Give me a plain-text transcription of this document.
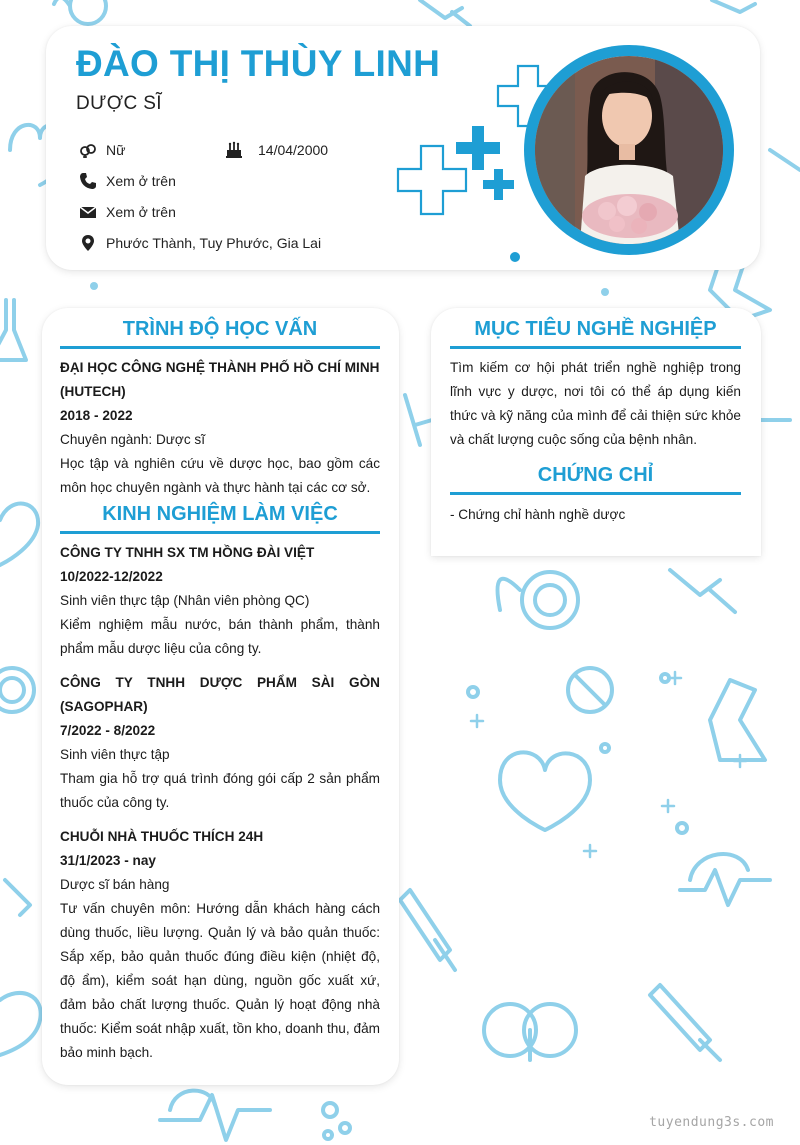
ĐÀO THỊ THÙY LINH
DƯỢC SĨ
Nữ	14/04/2000
Xem ở trên
Xem ở trên
Phước Thành, Tuy Phước, Gia Lai
TRÌNH ĐỘ HỌC VẤN
ĐẠI HỌC CÔNG NGHỆ THÀNH PHỐ HỒ CHÍ MINH (HUTECH)
2018 - 2022
Chuyên ngành: Dược sĩ
Học tập và nghiên cứu về dược học, bao gồm các môn học chuyên ngành và thực hành tại các cơ sở.
KINH NGHIỆM LÀM VIỆC
CÔNG TY TNHH SX TM HỒNG ĐÀI VIỆT
10/2022-12/2022
Sinh viên thực tập (Nhân viên phòng QC)
Kiểm nghiệm mẫu nước, bán thành phẩm, thành phẩm mẫu dược liệu của công ty.
CÔNG TY TNHH DƯỢC PHẨM SÀI GÒN (SAGOPHAR)
7/2022 - 8/2022
Sinh viên thực tập
Tham gia hỗ trợ quá trình đóng gói cấp 2 sản phẩm thuốc của công ty.
CHUỖI NHÀ THUỐC THÍCH 24H
31/1/2023 - nay
Dược sĩ bán hàng
Tư vấn chuyên môn: Hướng dẫn khách hàng cách dùng thuốc, liều lượng. Quản lý và bảo quản thuốc: Sắp xếp, bảo quản thuốc đúng điều kiện (nhiệt độ, độ ẩm), kiểm soát hạn dùng, nguồn gốc xuất xứ, đảm bảo chất lượng thuốc. Quản lý hoạt động nhà thuốc: Kiểm soát nhập xuất, tồn kho, doanh thu, đảm bảo minh bạch.
MỤC TIÊU NGHỀ NGHIỆP
Tìm kiếm cơ hội phát triển nghề nghiệp trong lĩnh vực y dược, nơi tôi có thể áp dụng kiến thức và kỹ năng của mình để cải thiện sức khỏe và chất lượng cuộc sống của bệnh nhân.
CHỨNG CHỈ
- Chứng chỉ hành nghề dược
tuyendung3s.com
